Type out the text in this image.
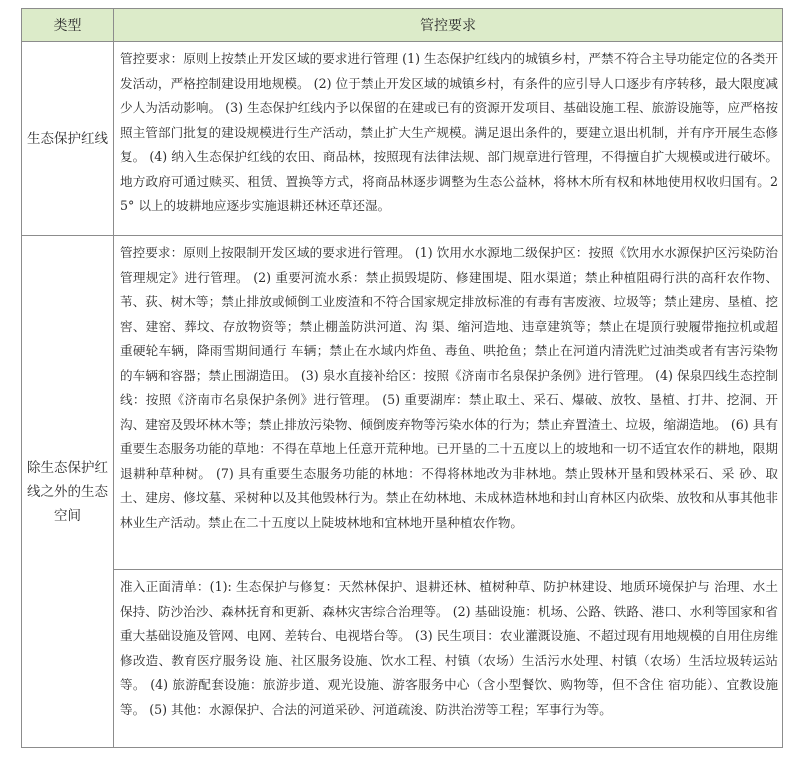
类型	管控要求
生态保护红线	管控要求：原则上按禁止开发区域的要求进行管理 (1) 生态保护红线内的城镇乡村，严禁不符合主导功能定位的各类开发活动，严格控制建设用地规模。 (2) 位于禁止开发区域的城镇乡村，有条件的应引导人口逐步有序转移，最大限度减少人为活动影响。 (3) 生态保护红线内予以保留的在建或已有的资源开发项目、基础设施工程、旅游设施等，应严格按照主管部门批复的建设规模进行生产活动，禁止扩大生产规模。满足退出条件的，要建立退出机制，并有序开展生态修复。 (4) 纳入生态保护红线的农田、商品林，按照现有法律法规、部门规章进行管理，不得擅自扩大规模或进行破坏。地方政府可通过赎买、租赁、置换等方式，将商品林逐步调整为生态公益林，将林木所有权和林地使用权收归国有。25° 以上的坡耕地应逐步实施退耕还林还草还湿。
除生态保护红线之外的生态空间	管控要求：原则上按限制开发区域的要求进行管理。 (1) 饮用水水源地二级保护区：按照《饮用水水源保护区污染防治管理规定》进行管理。 (2) 重要河流水系：禁止损毁堤防、修建围堤、阻水渠道；禁止种植阻碍行洪的高秆农作物、苇、荻、树木等；禁止排放或倾倒工业废渣和不符合国家规定排放标准的有毒有害废液、垃圾等；禁止建房、垦植、挖窖、建窑、葬坟、存放物资等；禁止棚盖防洪河道、沟 渠、缩河造地、违章建筑等；禁止在堤顶行驶履带拖拉机或超重硬轮车辆，降雨雪期间通行 车辆；禁止在水域内炸鱼、毒鱼、哄抢鱼；禁止在河道内清洗贮过油类或者有害污染物的车辆和容器；禁止围湖造田。 (3) 泉水直接补给区：按照《济南市名泉保护条例》进行管理。 (4) 保泉四线生态控制线：按照《济南市名泉保护条例》进行管理。 (5) 重要湖库：禁止取土、采石、爆破、放牧、垦植、打井、挖洞、开沟、建窑及毁坏林木等；禁止排放污染物、倾倒废弃物等污染水体的行为；禁止弃置渣土、垃圾，缩湖造地。 (6) 具有重要生态服务功能的草地：不得在草地上任意开荒种地。已开垦的二十五度以上的坡地和一切不适宜农作的耕地，限期退耕种草种树。 (7) 具有重要生态服务功能的林地：不得将林地改为非林地。禁止毁林开垦和毁林采石、采 砂、取土、建房、修坟墓、采树种以及其他毁林行为。禁止在幼林地、未成林造林地和封山育林区内砍柴、放牧和从事其他非林业生产活动。禁止在二十五度以上陡坡林地和宜林地开垦种植农作物。
	准入正面清单：(1): 生态保护与修复：天然林保护、退耕还林、植树种草、防护林建设、地质环境保护与 治理、水土保持、防沙治沙、森林抚育和更新、森林灾害综合治理等。 (2) 基础设施：机场、公路、铁路、港口、水利等国家和省重大基础设施及管网、电网、差转台、电视塔台等。 (3) 民生项目：农业灌溉设施、不超过现有用地规模的自用住房维修改造、教育医疗服务设 施、社区服务设施、饮水工程、村镇（农场）生活污水处理、村镇（农场）生活垃圾转运站等。 (4) 旅游配套设施：旅游步道、观光设施、游客服务中心（含小型餐饮、购物等，但不含住 宿功能）、宜教设施等。 (5) 其他：水源保护、合法的河道采砂、河道疏浚、防洪治涝等工程；军事行为等。
